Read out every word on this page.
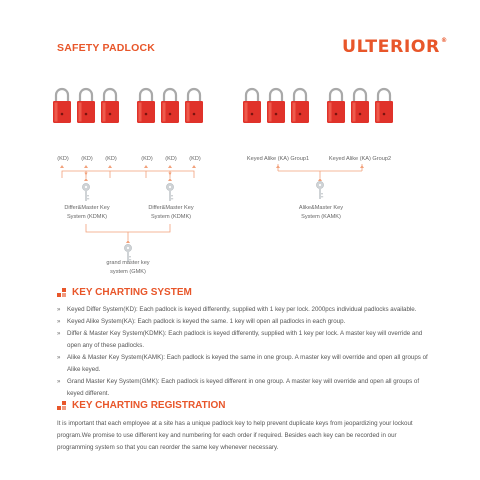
SAFETY PADLOCK	ULTERIOR®
(KD) (KD) (KD)	(KD) (KD) (KD)	Keyed Alike (KA) Group1	Keyed Alike (KA) Group2
Differ&Master Key
System (KDMK)
Differ&Master Key
System (KDMK)
Alike&Master Key
System (KAMK)
grand master key
system (GMK)
KEY CHARTING SYSTEM
»	Keyed Differ System(KD): Each padlock is keyed differently, supplied with 1 key per lock. 2000pcs individual padlocks available.
»	Keyed Alike System(KA): Each padlock is keyed the same. 1 key will open all padlocks in each group.
»	Differ & Master Key System(KDMK): Each padlock is keyed differently, supplied with 1 key per lock. A master key will override and open any of these padlocks.
»	Alike & Master Key System(KAMK): Each padlock is keyed the same in one group. A master key will override and open all groups of Alike keyed.
»	Grand Master Key System(GMK): Each padlock is keyed different in one group. A master key will override and open all groups of keyed different.
KEY CHARTING REGISTRATION
It is important that each employee at a site has a unique padlock key to help prevent duplicate keys from jeopardizing your lockout program.We promise to use different key and numbering for each order if required. Besides each key can be recorded in our programming system so that you can reorder the same key whenever necessary.
